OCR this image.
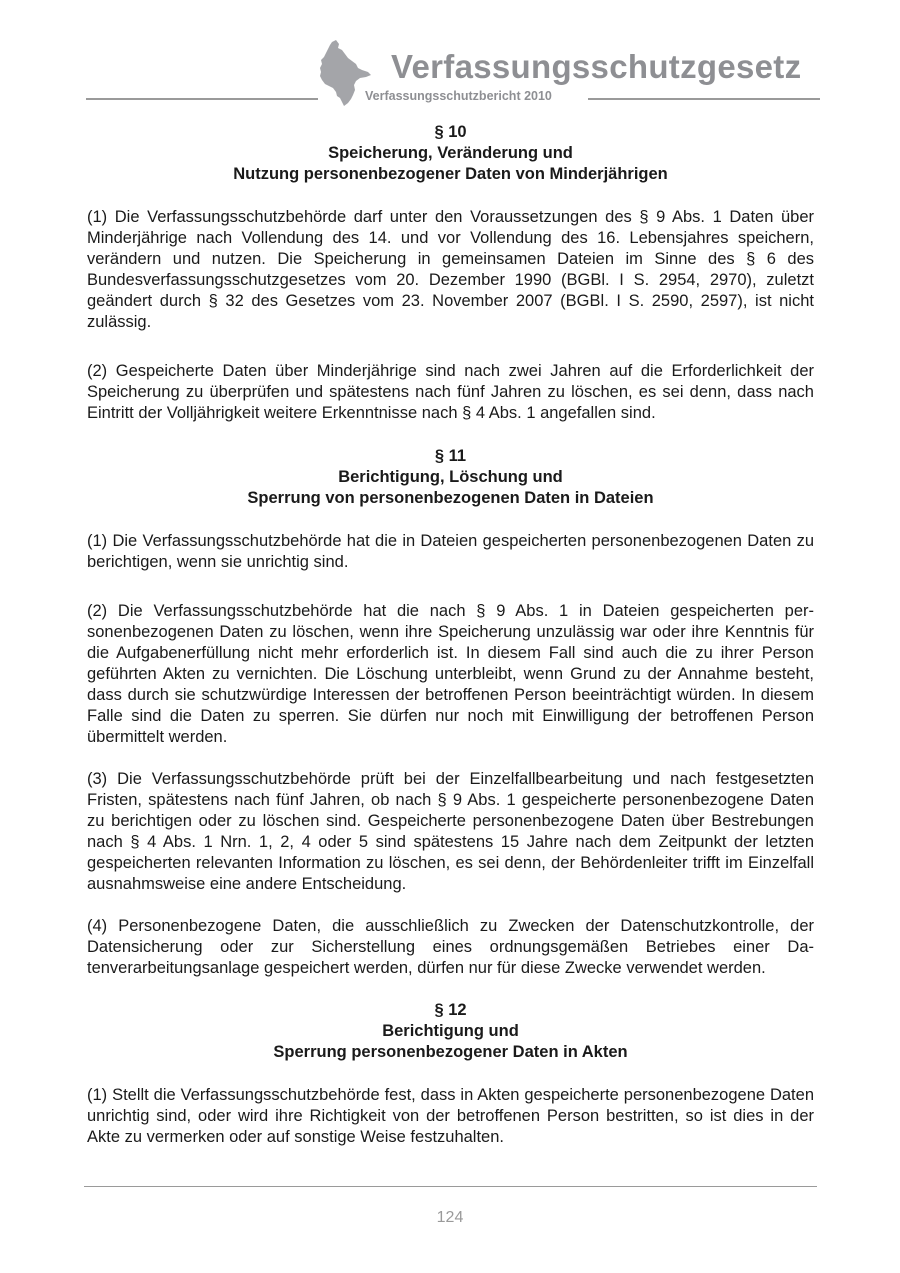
Verfassungsschutzgesetz
Verfassungsschutzbericht 2010

§ 10

Speicherung, Veränderung und

Nutzung personenbezogener Daten von Minderjährigen

(1) Die Verfassungsschutzbehörde darf unter den Voraussetzungen des § 9 Abs. 1 Daten über Minderjährige nach Vollendung des 14. und vor Vollendung des 16. Lebensjahres speichern, verändern und nutzen. Die Speicherung in gemeinsamen Dateien im Sinne des § 6 des Bundesverfassungsschutzgesetzes vom 20. Dezember 1990 (BGBl. I S. 2954, 2970), zuletzt geändert durch § 32 des Gesetzes vom 23. November 2007 (BGBl. I S. 2590, 2597), ist nicht zulässig.

(2) Gespeicherte Daten über Minderjährige sind nach zwei Jahren auf die Erforderlichkeit der Speicherung zu überprüfen und spätestens nach fünf Jahren zu löschen, es sei denn, dass nach Eintritt der Volljährigkeit weitere Erkenntnisse nach § 4 Abs. 1 angefallen sind.

§ 11

Berichtigung, Löschung und

Sperrung von personenbezogenen Daten in Dateien

(1) Die Verfassungsschutzbehörde hat die in Dateien gespeicherten personenbezogenen Daten zu berichtigen, wenn sie unrichtig sind.

(2) Die Verfassungsschutzbehörde hat die nach § 9 Abs. 1 in Dateien gespeicherten personenbezogenen Daten zu löschen, wenn ihre Speicherung unzulässig war oder ihre Kenntnis für die Aufgabenerfüllung nicht mehr erforderlich ist. In diesem Fall sind auch die zu ihrer Person geführten Akten zu vernichten. Die Löschung unterbleibt, wenn Grund zu der Annahme besteht, dass durch sie schutzwürdige Interessen der betroffenen Person beeinträchtigt würden. In diesem Falle sind die Daten zu sperren. Sie dürfen nur noch mit Einwilligung der betroffenen Person übermittelt werden.

(3) Die Verfassungsschutzbehörde prüft bei der Einzelfallbearbeitung und nach festgesetzten Fristen, spätestens nach fünf Jahren, ob nach § 9 Abs. 1 gespeicherte personenbezogene Daten zu berichtigen oder zu löschen sind. Gespeicherte personenbezogene Daten über Bestrebungen nach § 4 Abs. 1 Nrn. 1, 2, 4 oder 5 sind spätestens 15 Jahre nach dem Zeitpunkt der letzten gespeicherten relevanten Information zu löschen, es sei denn, der Behördenleiter trifft im Einzelfall ausnahmsweise eine andere Entscheidung.

(4) Personenbezogene Daten, die ausschließlich zu Zwecken der Datenschutzkontrolle, der Datensicherung oder zur Sicherstellung eines ordnungsgemäßen Betriebes einer Datenverarbeitungsanlage gespeichert werden, dürfen nur für diese Zwecke verwendet werden.

§ 12

Berichtigung und

Sperrung personenbezogener Daten in Akten

(1) Stellt die Verfassungsschutzbehörde fest, dass in Akten gespeicherte personenbezogene Daten unrichtig sind, oder wird ihre Richtigkeit von der betroffenen Person bestritten, so ist dies in der Akte zu vermerken oder auf sonstige Weise festzuhalten.

124
